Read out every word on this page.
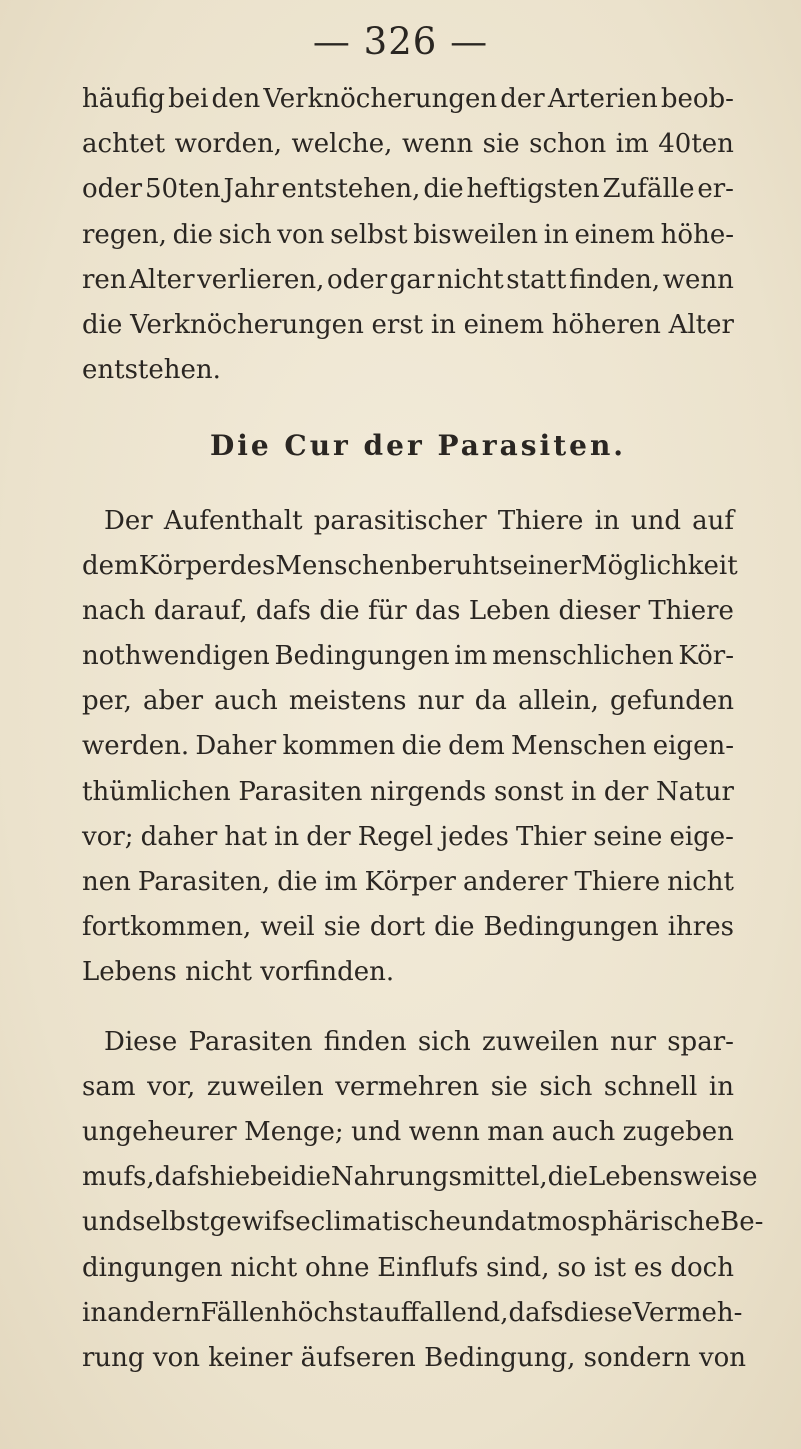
— 326 —
häufig bei den Verknöcherungen der Arterien beob-
achtet worden, welche, wenn sie schon im 40ten
oder 50ten Jahr entstehen, die heftigsten Zufälle er-
regen, die sich von selbst bisweilen in einem höhe-
ren Alter verlieren, oder gar nicht statt finden, wenn
die Verknöcherungen erst in einem höheren Alter
entstehen.
Die Cur der Parasiten.
Der Aufenthalt parasitischer Thiere in und auf
dem Körper des Menschen beruht seiner Möglichkeit
nach darauf, dafs die für das Leben dieser Thiere
nothwendigen Bedingungen im menschlichen Kör-
per, aber auch meistens nur da allein, gefunden
werden. Daher kommen die dem Menschen eigen-
thümlichen Parasiten nirgends sonst in der Natur
vor; daher hat in der Regel jedes Thier seine eige-
nen Parasiten, die im Körper anderer Thiere nicht
fortkommen, weil sie dort die Bedingungen ihres
Lebens nicht vorfinden.
Diese Parasiten finden sich zuweilen nur spar-
sam vor, zuweilen vermehren sie sich schnell in
ungeheurer Menge; und wenn man auch zugeben
mufs, dafs hiebei die Nahrungsmittel, die Lebensweise
und selbst gewifse climatische und atmosphärische Be-
dingungen nicht ohne Einflufs sind, so ist es doch
in andern Fällen höchst auffallend, dafs diese Vermeh-
rung von keiner äufseren Bedingung, sondern von
